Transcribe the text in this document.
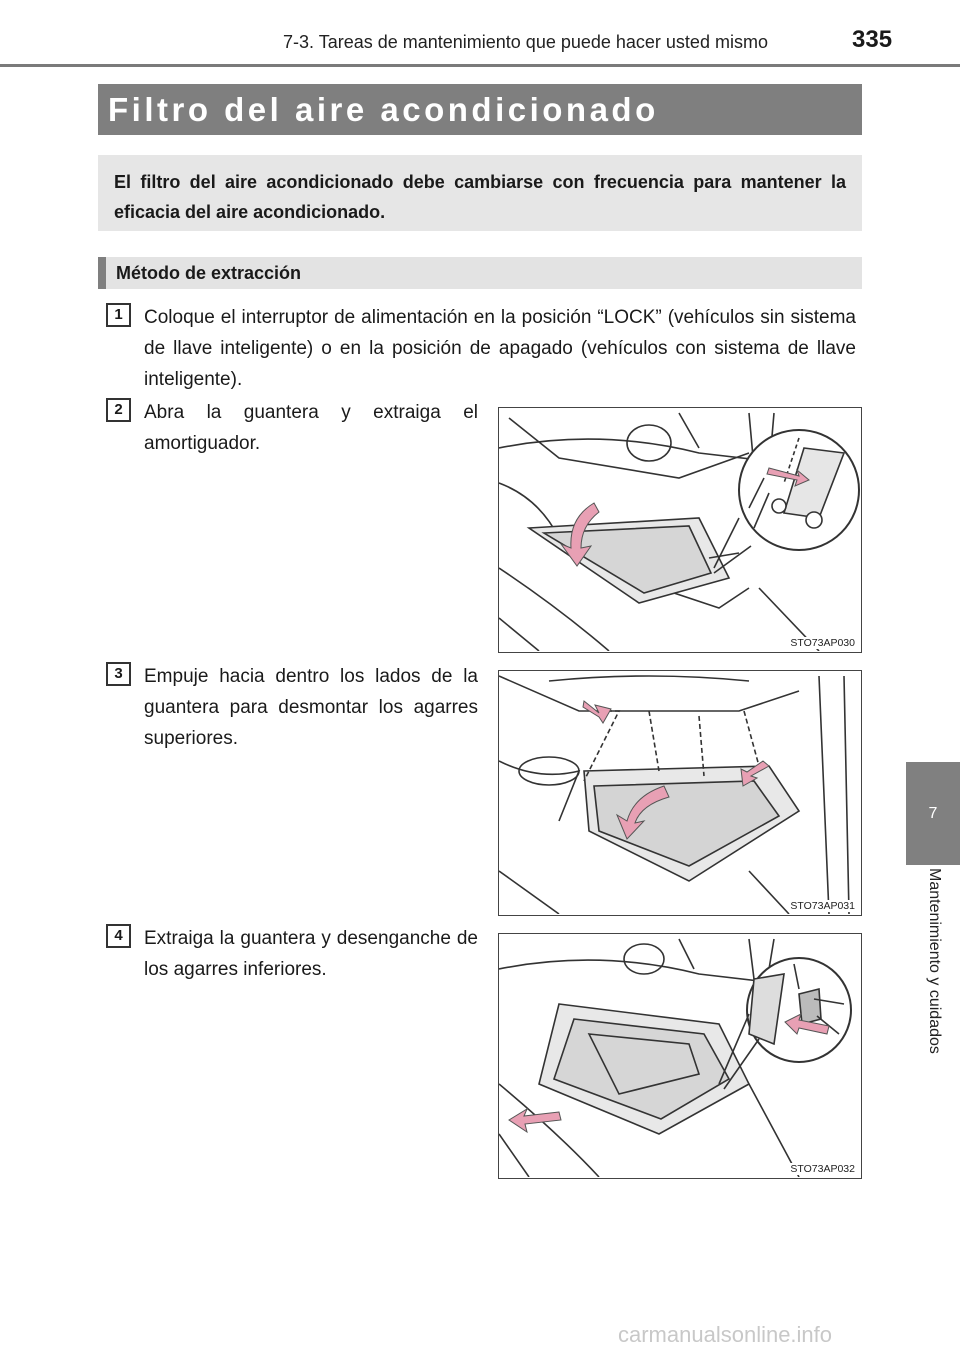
7-3. Tareas de mantenimiento que puede hacer usted mismo	335
7
Mantenimiento y cuidados
Filtro del aire acondicionado
El filtro del aire acondicionado debe cambiarse con frecuencia para mantener la eficacia del aire acondicionado.
Método de extracción
1	Coloque el interruptor de alimentación en la posición “LOCK” (vehículos sin sistema de llave inteligente) o en la posición de apagado (vehículos con sistema de llave inteligente).
2	Abra la guantera y extraiga el amortiguador.
STO73AP030
3	Empuje hacia dentro los lados de la guantera para desmontar los agarres superiores.
STO73AP031
4	Extraiga la guantera y desenganche de los agarres inferiores.
STO73AP032
carmanualsonline.info
